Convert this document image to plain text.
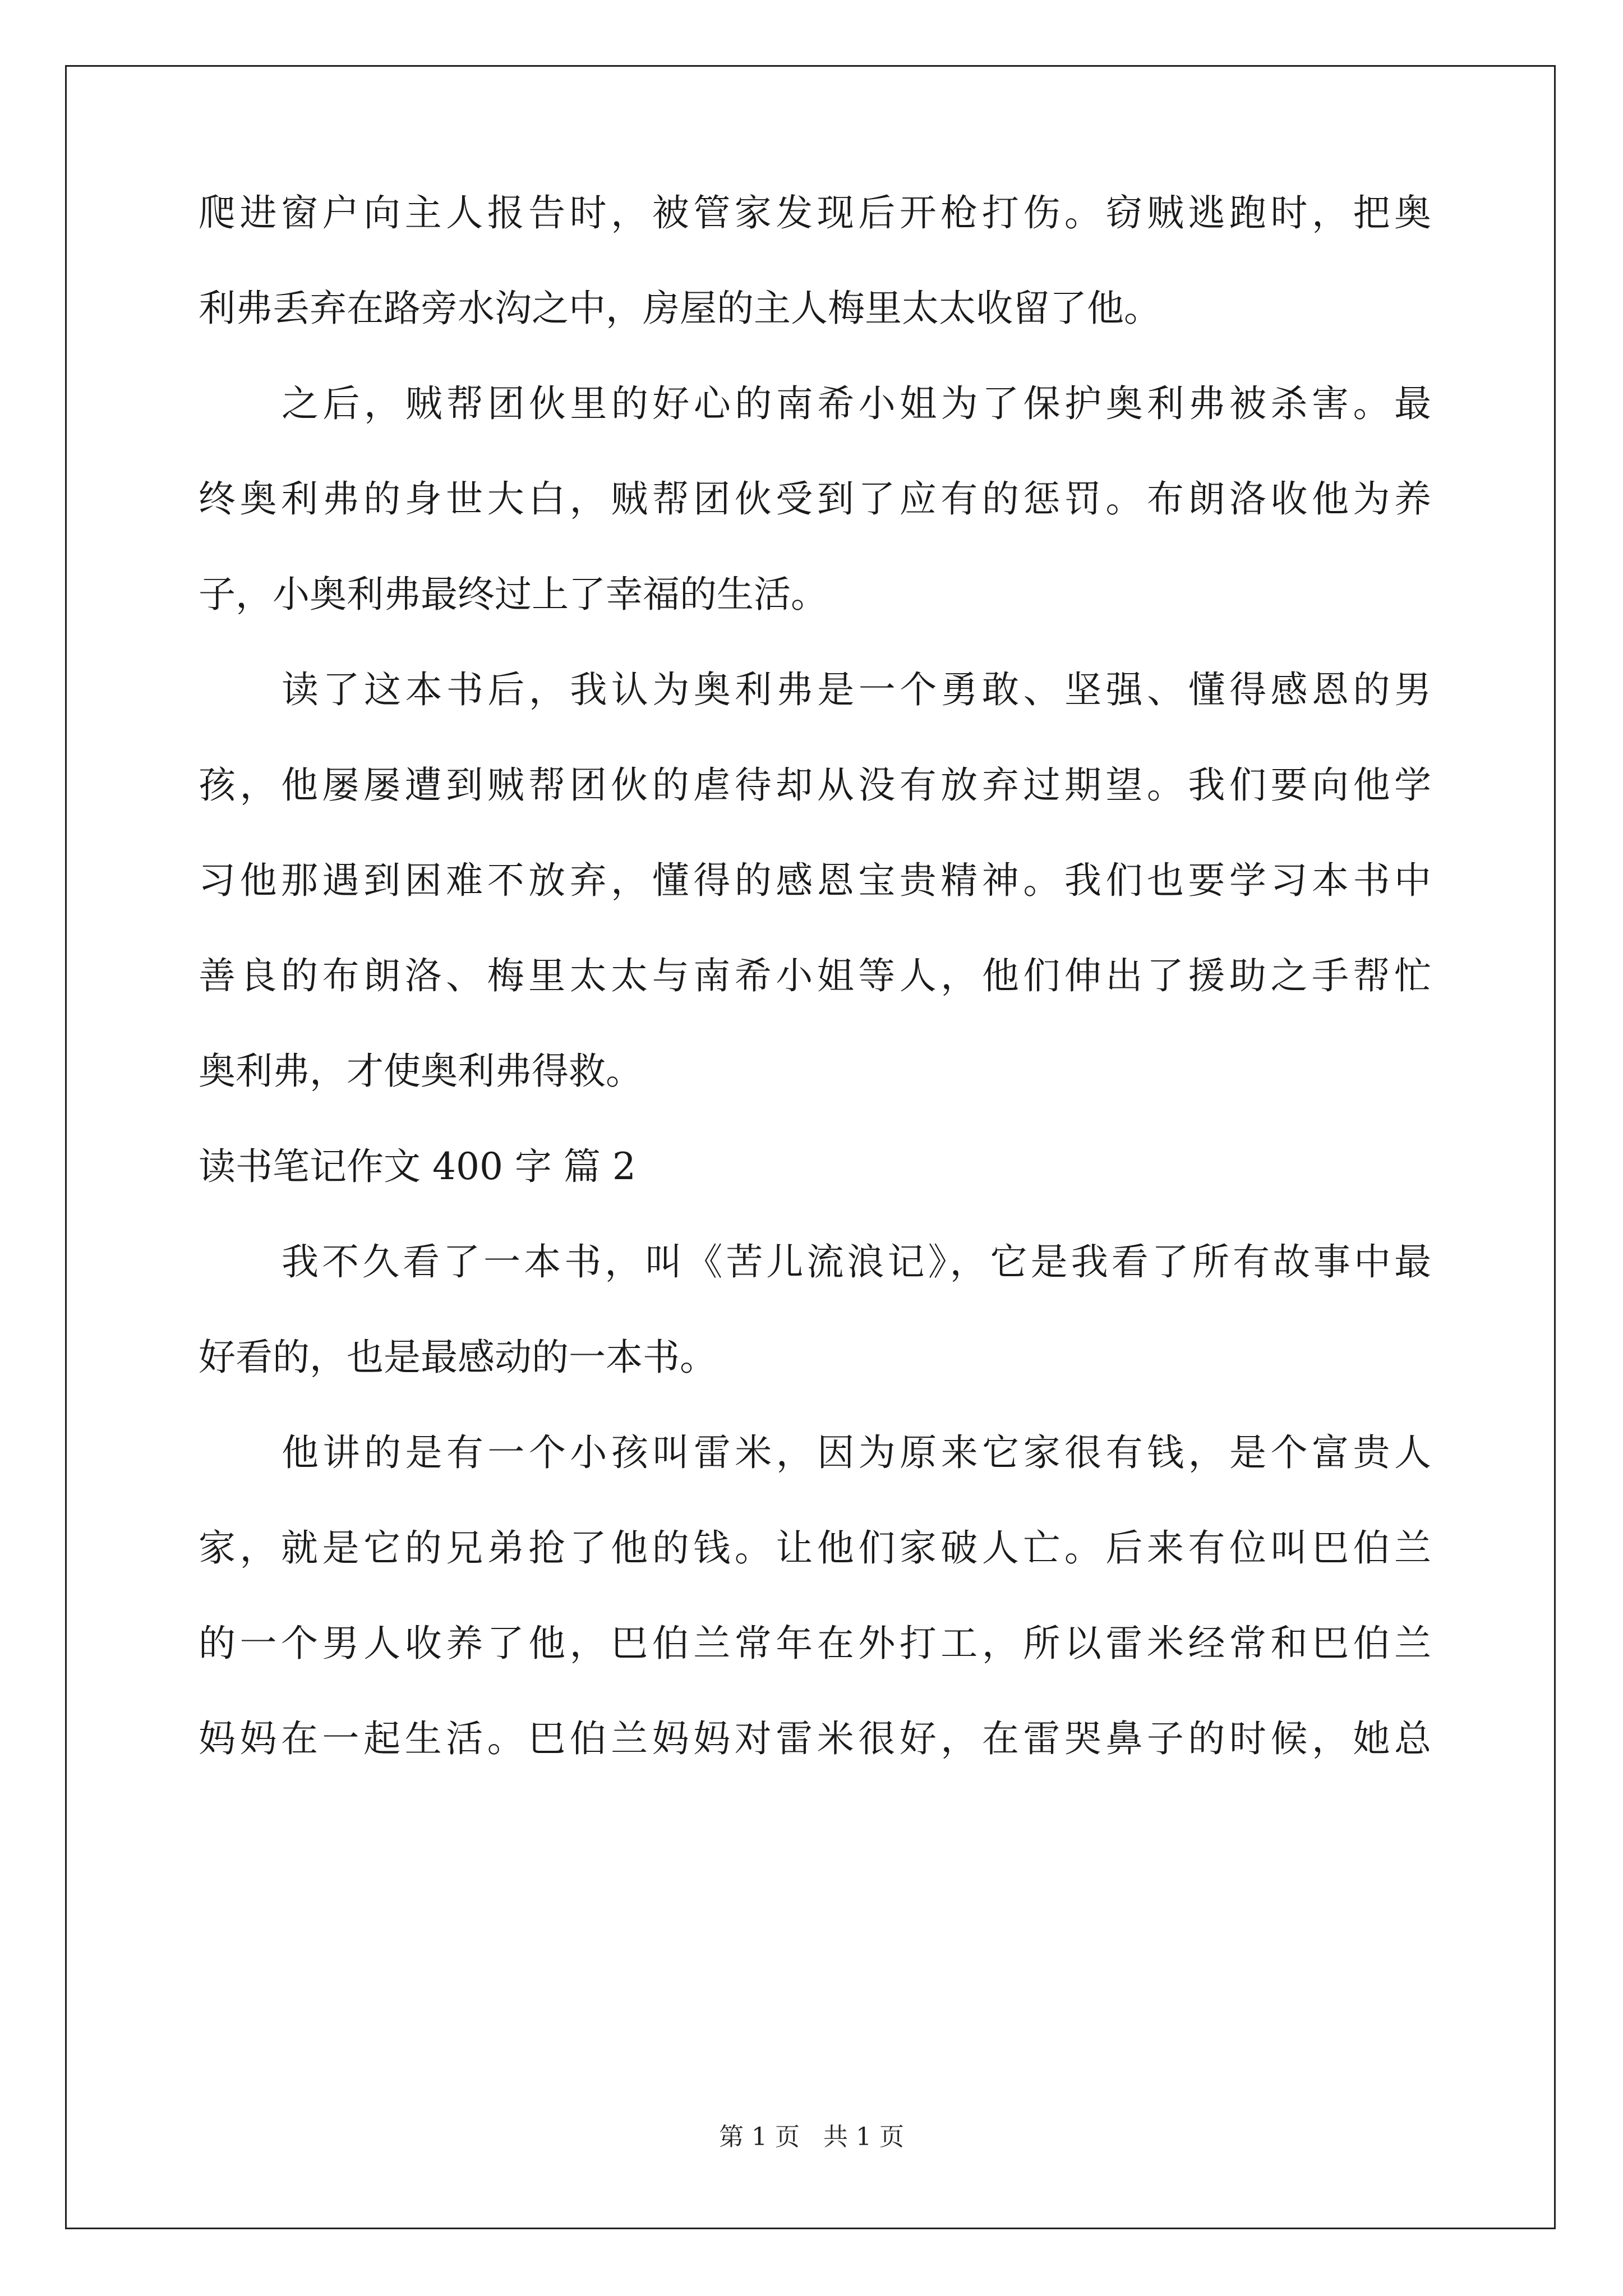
爬进窗户向主人报告时，被管家发现后开枪打伤。窃贼逃跑时，把奥
利弗丢弃在路旁水沟之中，房屋的主人梅里太太收留了他。
之后，贼帮团伙里的好心的南希小姐为了保护奥利弗被杀害。最
终奥利弗的身世大白，贼帮团伙受到了应有的惩罚。布朗洛收他为养
子，小奥利弗最终过上了幸福的生活。
读了这本书后，我认为奥利弗是一个勇敢、坚强、懂得感恩的男
孩，他屡屡遭到贼帮团伙的虐待却从没有放弃过期望。我们要向他学
习他那遇到困难不放弃，懂得的感恩宝贵精神。我们也要学习本书中
善良的布朗洛、梅里太太与南希小姐等人，他们伸出了援助之手帮忙
奥利弗，才使奥利弗得救。
读书笔记作文 400 字 篇 2
我不久看了一本书，叫《苦儿流浪记》，它是我看了所有故事中最
好看的，也是最感动的一本书。
他讲的是有一个小孩叫雷米，因为原来它家很有钱，是个富贵人
家，就是它的兄弟抢了他的钱。让他们家破人亡。后来有位叫巴伯兰
的一个男人收养了他，巴伯兰常年在外打工，所以雷米经常和巴伯兰
妈妈在一起生活。巴伯兰妈妈对雷米很好，在雷哭鼻子的时候，她总
第 1 页 共 1 页
